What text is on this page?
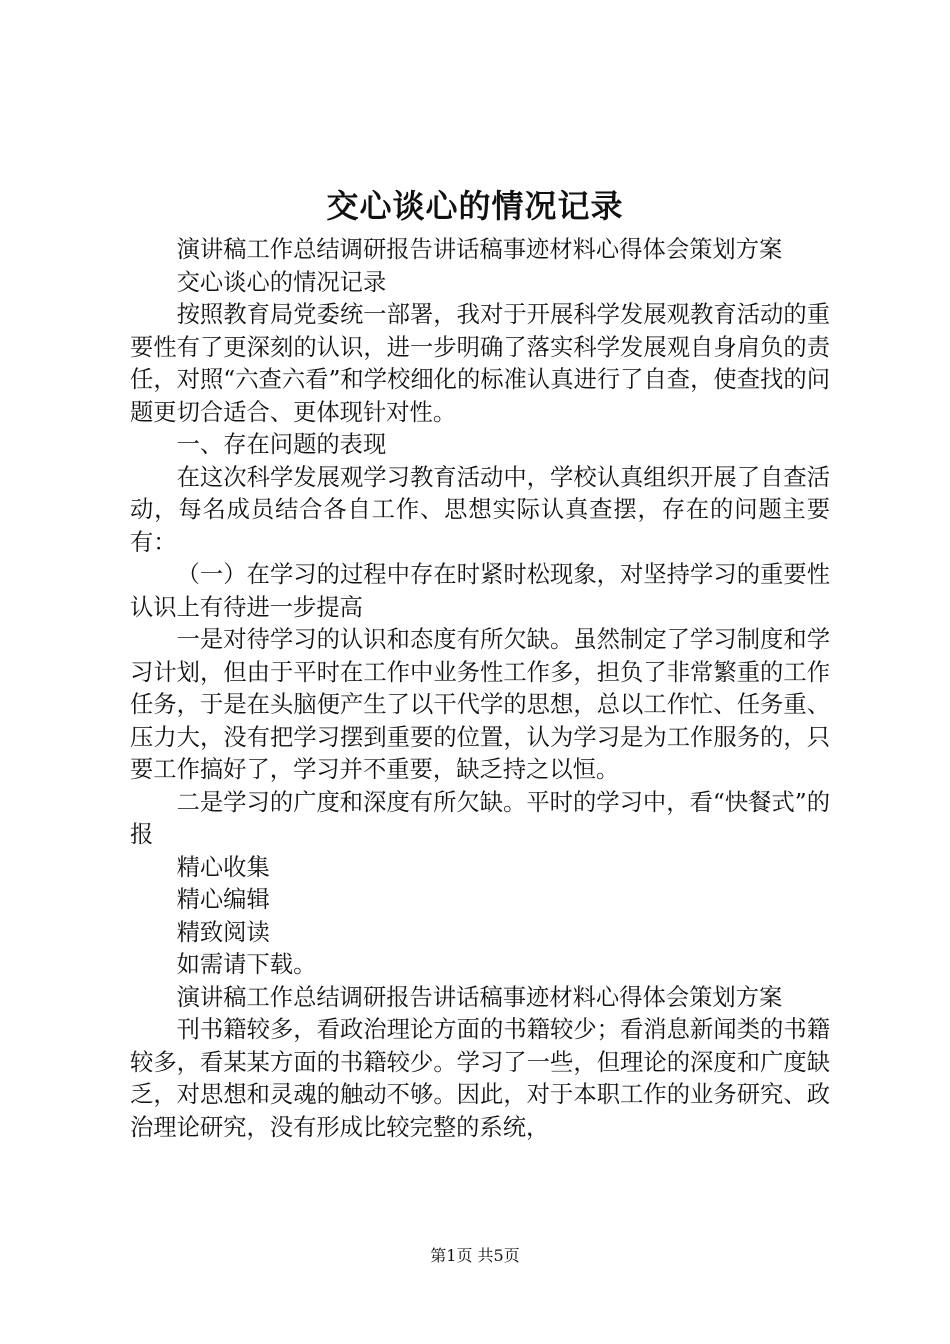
交心谈心的情况记录

演讲稿工作总结调研报告讲话稿事迹材料心得体会策划方案

交心谈心的情况记录

按照教育局党委统一部署，我对于开展科学发展观教育活动的重要性有了更深刻的认识，进一步明确了落实科学发展观自身肩负的责任，对照“六查六看”和学校细化的标准认真进行了自查，使查找的问题更切合适合、更体现针对性。

一、存在问题的表现

在这次科学发展观学习教育活动中，学校认真组织开展了自查活动，每名成员结合各自工作、思想实际认真查摆，存在的问题主要有：

（一）在学习的过程中存在时紧时松现象，对坚持学习的重要性认识上有待进一步提高

一是对待学习的认识和态度有所欠缺。虽然制定了学习制度和学习计划，但由于平时在工作中业务性工作多，担负了非常繁重的工作任务，于是在头脑便产生了以干代学的思想，总以工作忙、任务重、压力大，没有把学习摆到重要的位置，认为学习是为工作服务的，只要工作搞好了，学习并不重要，缺乏持之以恒。

二是学习的广度和深度有所欠缺。平时的学习中，看“快餐式”的报

精心收集

精心编辑

精致阅读

如需请下载。

演讲稿工作总结调研报告讲话稿事迹材料心得体会策划方案

刊书籍较多，看政治理论方面的书籍较少；看消息新闻类的书籍较多，看某某方面的书籍较少。学习了一些，但理论的深度和广度缺乏，对思想和灵魂的触动不够。因此，对于本职工作的业务研究、政治理论研究，没有形成比较完整的系统，

第1页 共5页
